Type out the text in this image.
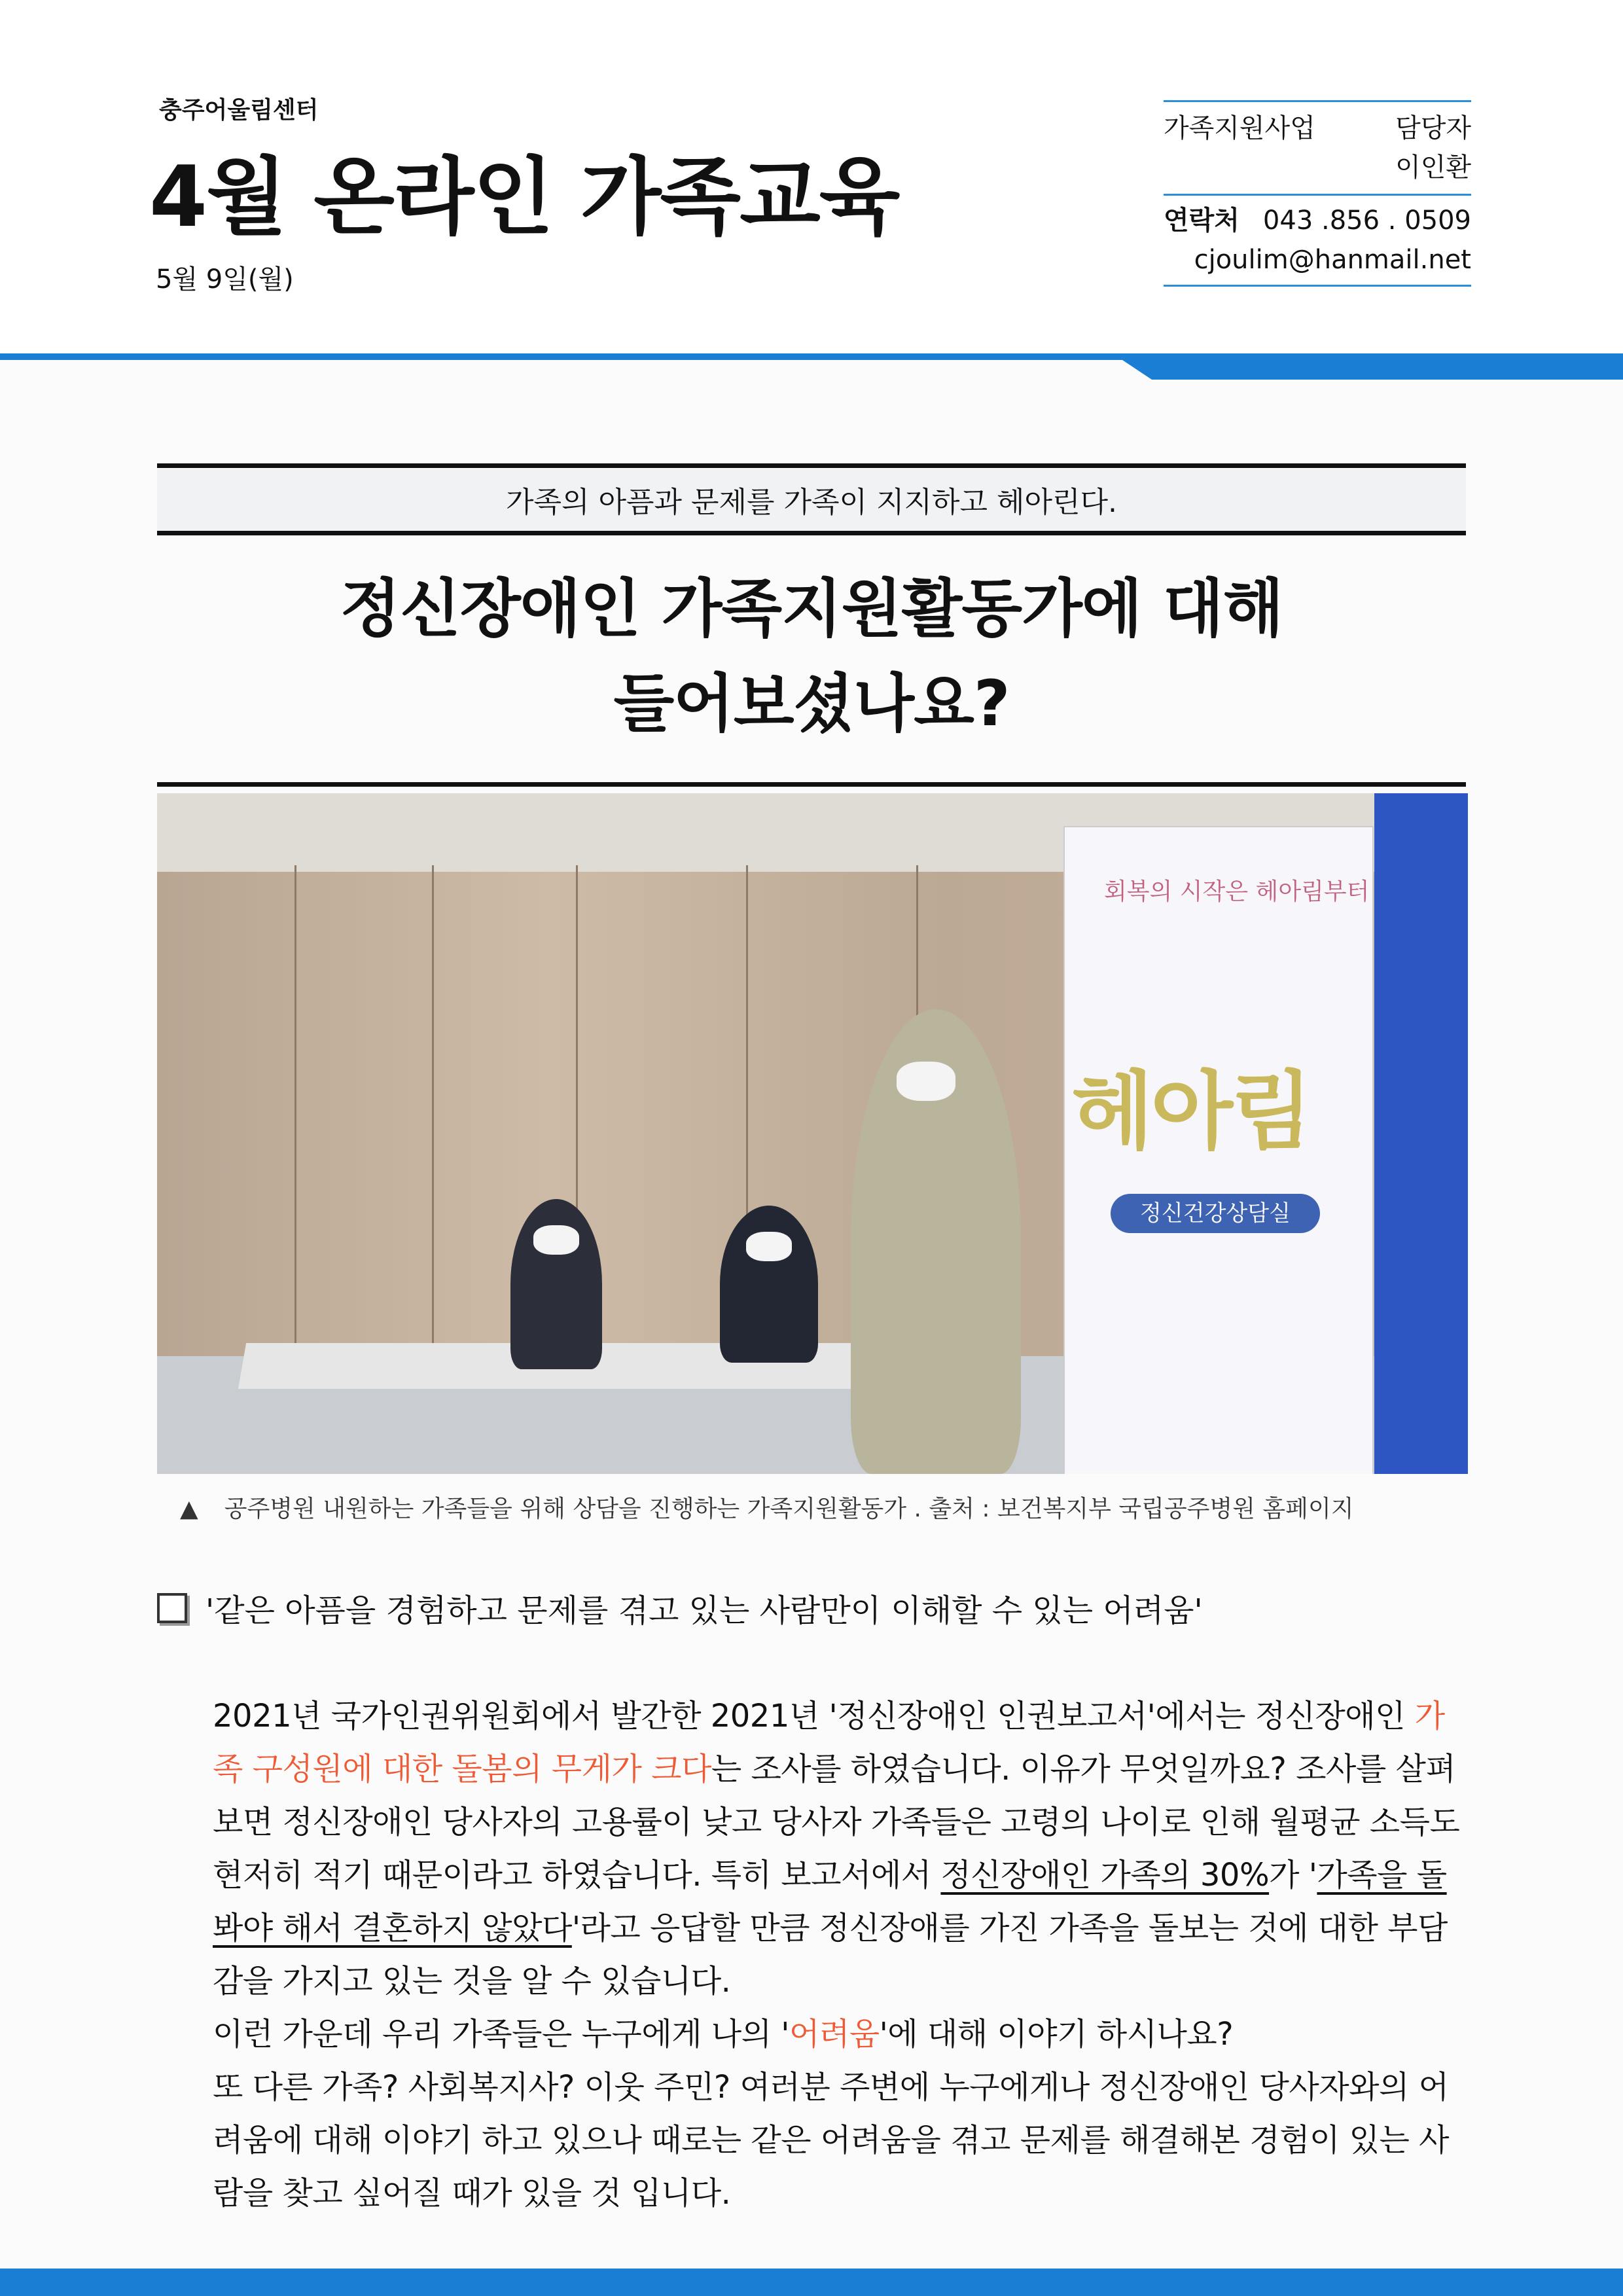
충주어울림센터
4월 온라인 가족교육
5월 9일(월)
가족지원사업	담당자
이인환
연락처 043 .856 . 0509
cjoulim@hanmail.net
가족의 아픔과 문제를 가족이 지지하고 헤아린다.
정신장애인 가족지원활동가에 대해
들어보셨나요?
회복의 시작은 헤아림부터
헤아림
정신건강상담실
▲ 공주병원 내원하는 가족들을 위해 상담을 진행하는 가족지원활동가 . 출처 : 보건복지부 국립공주병원 홈페이지
'같은 아픔을 경험하고 문제를 겪고 있는 사람만이 이해할 수 있는 어려움'

2021년 국가인권위원회에서 발간한 2021년 '정신장애인 인권보고서'에서는 정신장애인 가족 구성원에 대한 돌봄의 무게가 크다는 조사를 하였습니다. 이유가 무엇일까요? 조사를 살펴보면 정신장애인 당사자의 고용률이 낮고 당사자 가족들은 고령의 나이로 인해 월평균 소득도 현저히 적기 때문이라고 하였습니다. 특히 보고서에서 정신장애인 가족의 30%가 '가족을 돌봐야 해서 결혼하지 않았다'라고 응답할 만큼 정신장애를 가진 가족을 돌보는 것에 대한 부담감을 가지고 있는 것을 알 수 있습니다.

이런 가운데 우리 가족들은 누구에게 나의 '어려움'에 대해 이야기 하시나요?

또 다른 가족? 사회복지사? 이웃 주민? 여러분 주변에 누구에게나 정신장애인 당사자와의 어려움에 대해 이야기 하고 있으나 때로는 같은 어려움을 겪고 문제를 해결해본 경험이 있는 사람을 찾고 싶어질 때가 있을 것 입니다.
